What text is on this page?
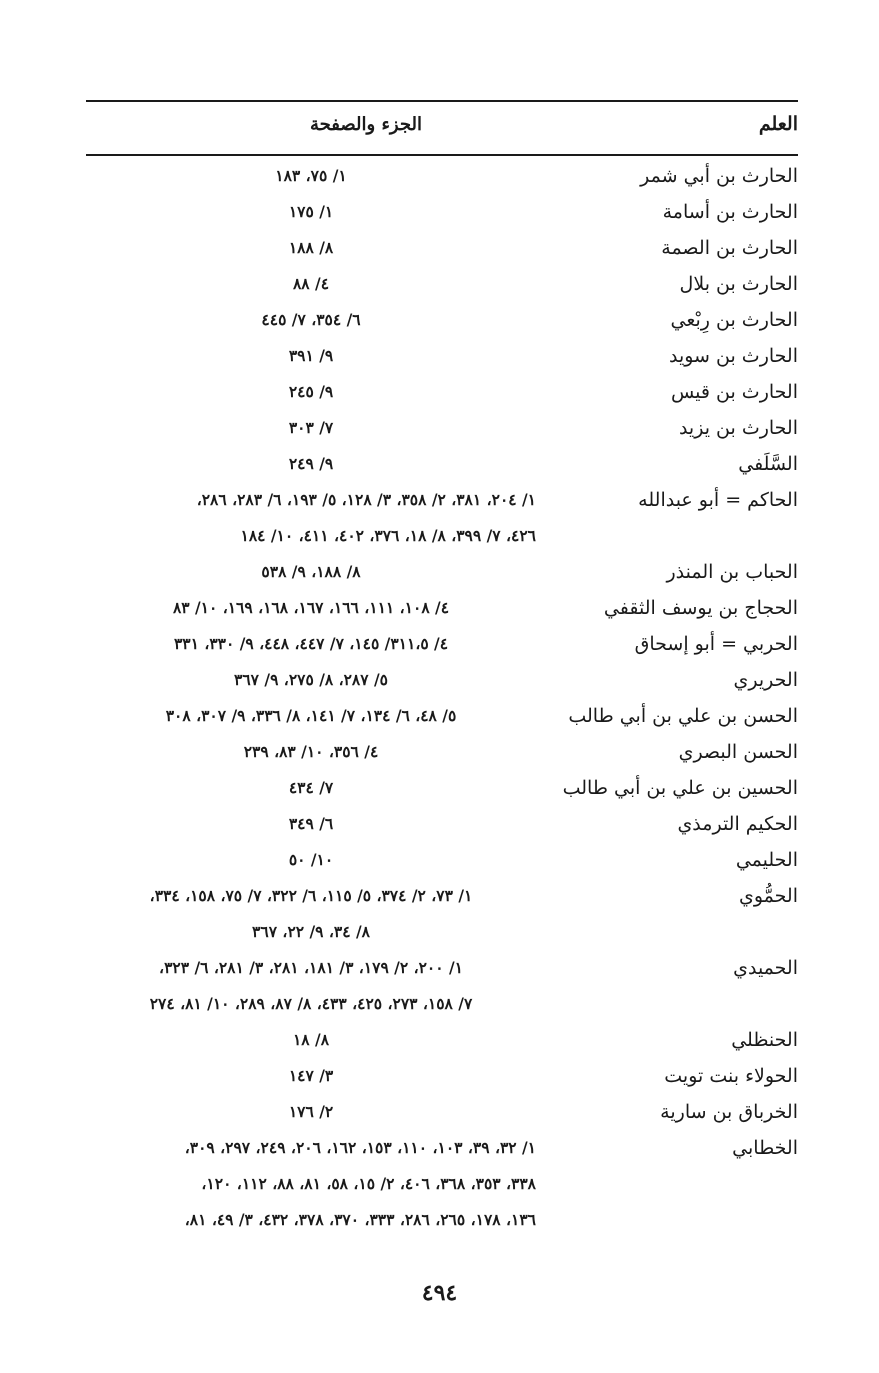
العلم
الجزء والصفحة
الحارث بن أبي شمر
١/ ٧٥، ١٨٣
الحارث بن أسامة
١/ ١٧٥
الحارث بن الصمة
٨/ ١٨٨
الحارث بن بلال
٤/ ٨٨
الحارث بن رِبْعي
٦/ ٣٥٤، ٧/ ٤٤٥
الحارث بن سويد
٩/ ٣٩١
الحارث بن قيس
٩/ ٢٤٥
الحارث بن يزيد
٧/ ٣٠٣
السَّلَفي
٩/ ٢٤٩
الحاكم = أبو عبدالله
١/ ٢٠٤، ٣٨١، ٢/ ٣٥٨، ٣/ ١٢٨، ٥/ ١٩٣، ٦/ ٢٨٣، ٢٨٦،
٤٢٦، ٧/ ٣٩٩، ٨/ ١٨، ٣٧٦، ٤٠٢، ٤١١، ١٠/ ١٨٤
الحباب بن المنذر
٨/ ١٨٨، ٩/ ٥٣٨
الحجاج بن يوسف الثقفي
٤/ ١٠٨، ١١١، ١٦٦، ١٦٧، ١٦٨، ١٦٩، ١٠/ ٨٣
الحربي = أبو إسحاق
٤/ ٣١١،٥/ ١٤٥، ٧/ ٤٤٧، ٤٤٨، ٩/ ٣٣٠، ٣٣١
الحريري
٥/ ٢٨٧، ٨/ ٢٧٥، ٩/ ٣٦٧
الحسن بن علي بن أبي طالب
٥/ ٤٨، ٦/ ١٣٤، ٧/ ١٤١، ٨/ ٣٣٦، ٩/ ٣٠٧، ٣٠٨
الحسن البصري
٤/ ٣٥٦، ١٠/ ٨٣، ٢٣٩
الحسين بن علي بن أبي طالب
٧/ ٤٣٤
الحكيم الترمذي
٦/ ٣٤٩
الحليمي
١٠/ ٥٠
الحمُّوي
١/ ٧٣، ٢/ ٣٧٤، ٥/ ١١٥، ٦/ ٣٢٢، ٧/ ٧٥، ١٥٨، ٣٣٤،
٨/ ٣٤، ٩/ ٢٢، ٣٦٧
الحميدي
١/ ٢٠٠، ٢/ ١٧٩، ٣/ ١٨١، ٢٨١، ٣/ ٢٨١، ٦/ ٣٢٣،
٧/ ١٥٨، ٢٧٣، ٤٢٥، ٤٣٣، ٨/ ٨٧، ٢٨٩، ١٠/ ٨١، ٢٧٤
الحنظلي
٨/ ١٨
الحولاء بنت تويت
٣/ ١٤٧
الخرباق بن سارية
٢/ ١٧٦
الخطابي
١/ ٣٢، ٣٩، ١٠٣، ١١٠، ١٥٣، ١٦٢، ٢٠٦، ٢٤٩، ٢٩٧، ٣٠٩،
٣٣٨، ٣٥٣، ٣٦٨، ٤٠٦، ٢/ ١٥، ٥٨، ٨١، ٨٨، ١١٢، ١٢٠،
١٣٦، ١٧٨، ٢٦٥، ٢٨٦، ٣٣٣، ٣٧٠، ٣٧٨، ٤٣٢، ٣/ ٤٩، ٨١،
٤٩٤
